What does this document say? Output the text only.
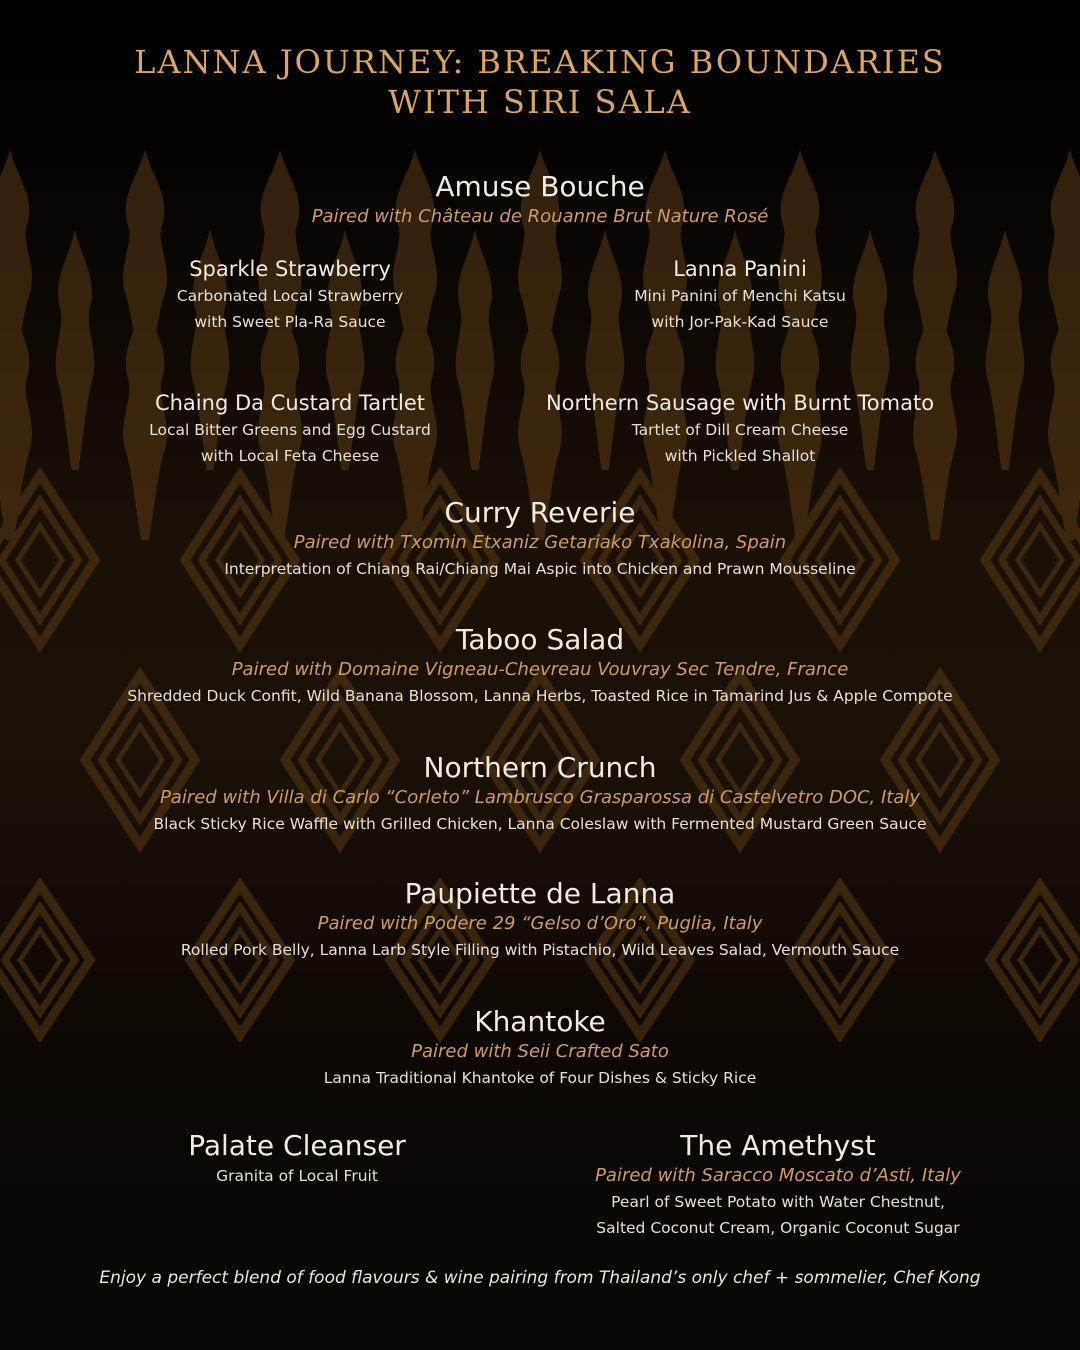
LANNA JOURNEY: BREAKING BOUNDARIES
WITH SIRI SALA
Amuse Bouche
Paired with Château de Rouanne Brut Nature Rosé
Sparkle Strawberry
Carbonated Local Strawberry
with Sweet Pla-Ra Sauce
Lanna Panini
Mini Panini of Menchi Katsu
with Jor-Pak-Kad Sauce
Chaing Da Custard Tartlet
Local Bitter Greens and Egg Custard
with Local Feta Cheese
Northern Sausage with Burnt Tomato
Tartlet of Dill Cream Cheese
with Pickled Shallot
Curry Reverie
Paired with Txomin Etxaniz Getariako Txakolina, Spain
Interpretation of Chiang Rai/Chiang Mai Aspic into Chicken and Prawn Mousseline
Taboo Salad
Paired with Domaine Vigneau-Chevreau Vouvray Sec Tendre, France
Shredded Duck Confit, Wild Banana Blossom, Lanna Herbs, Toasted Rice in Tamarind Jus & Apple Compote
Northern Crunch
Paired with Villa di Carlo “Corleto” Lambrusco Grasparossa di Castelvetro DOC, Italy
Black Sticky Rice Waffle with Grilled Chicken, Lanna Coleslaw with Fermented Mustard Green Sauce
Paupiette de Lanna
Paired with Podere 29 “Gelso d’Oro”, Puglia, Italy
Rolled Pork Belly, Lanna Larb Style Filling with Pistachio, Wild Leaves Salad, Vermouth Sauce
Khantoke
Paired with Seii Crafted Sato
Lanna Traditional Khantoke of Four Dishes & Sticky Rice
Palate Cleanser
Granita of Local Fruit
The Amethyst
Paired with Saracco Moscato d’Asti, Italy
Pearl of Sweet Potato with Water Chestnut,
Salted Coconut Cream, Organic Coconut Sugar
Enjoy a perfect blend of food flavours & wine pairing from Thailand’s only chef + sommelier, Chef Kong
